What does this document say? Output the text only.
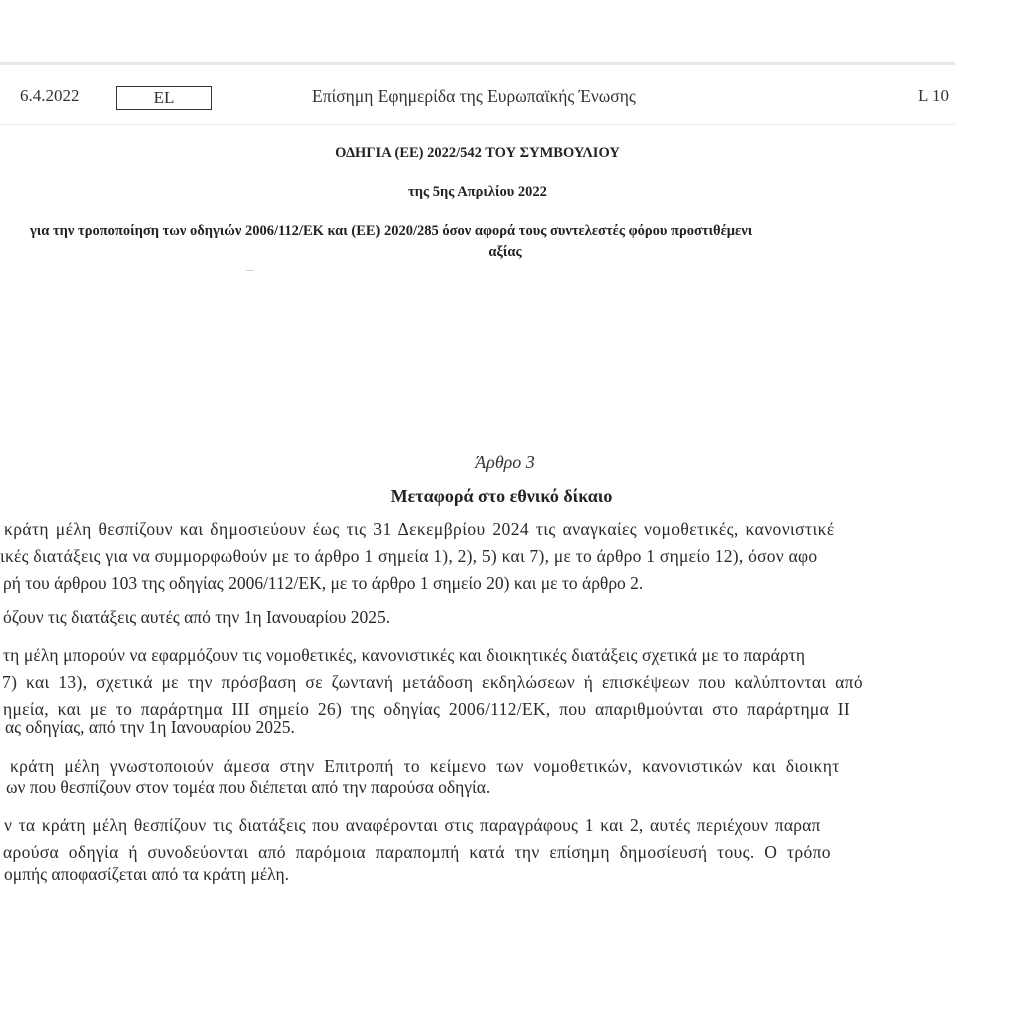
6.4.2022	EL	Επίσημη Εφημερίδα της Ευρωπαϊκής Ένωσης	L 10
ΟΔΗΓΙΑ (ΕΕ) 2022/542 ΤΟΥ ΣΥΜΒΟΥΛΙΟΥ
της 5ης Απριλίου 2022
για την τροποποίηση των οδηγιών 2006/112/ΕΚ και (ΕΕ) 2020/285 όσον αφορά τους συντελεστές φόρου προστιθέμενι
αξίας
Άρθρο 3
Μεταφορά στο εθνικό δίκαιο
κράτη μέλη θεσπίζουν και δημοσιεύουν έως τις 31 Δεκεμβρίου 2024 τις αναγκαίες νομοθετικές, κανονιστικέ
ικές διατάξεις για να συμμορφωθούν με το άρθρο 1 σημεία 1), 2), 5) και 7), με το άρθρο 1 σημείο 12), όσον αφο
ρή του άρθρου 103 της οδηγίας 2006/112/ΕΚ, με το άρθρο 1 σημείο 20) και με το άρθρο 2.
όζουν τις διατάξεις αυτές από την 1η Ιανουαρίου 2025.
τη μέλη μπορούν να εφαρμόζουν τις νομοθετικές, κανονιστικές και διοικητικές διατάξεις σχετικά με το παράρτη
7) και 13), σχετικά με την πρόσβαση σε ζωντανή μετάδοση εκδηλώσεων ή επισκέψεων που καλύπτονται από
ημεία, και με το παράρτημα III σημείο 26) της οδηγίας 2006/112/ΕΚ, που απαριθμούνται στο παράρτημα ΙΙ
ας οδηγίας, από την 1η Ιανουαρίου 2025.
κράτη μέλη γνωστοποιούν άμεσα στην Επιτροπή το κείμενο των νομοθετικών, κανονιστικών και διοικητ
ων που θεσπίζουν στον τομέα που διέπεται από την παρούσα οδηγία.
ν τα κράτη μέλη θεσπίζουν τις διατάξεις που αναφέρονται στις παραγράφους 1 και 2, αυτές περιέχουν παραπ
αρούσα οδηγία ή συνοδεύονται από παρόμοια παραπομπή κατά την επίσημη δημοσίευσή τους. Ο τρόπο
ομπής αποφασίζεται από τα κράτη μέλη.
